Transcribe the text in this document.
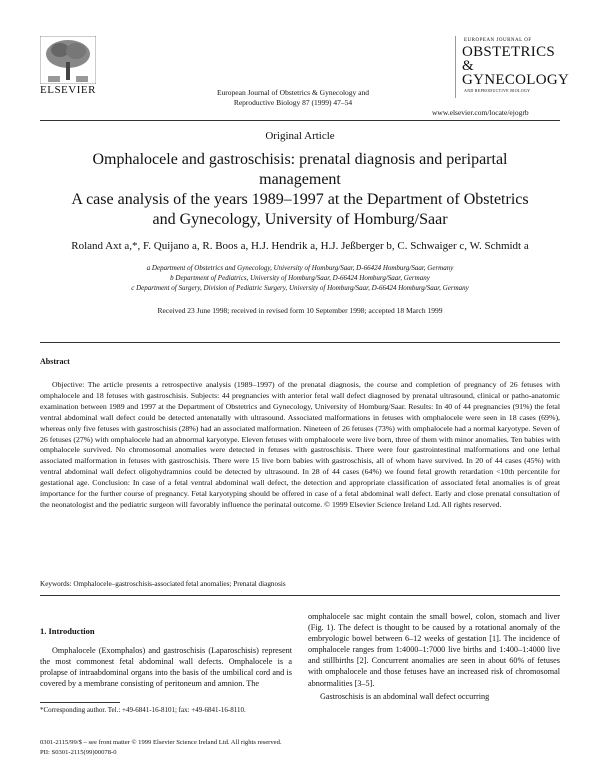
ELSEVIER	European Journal of Obstetrics & Gynecology and
Reproductive Biology 87 (1999) 47–54
EUROPEAN JOURNAL OF
OBSTETRICS &
GYNECOLOGY
AND REPRODUCTIVE BIOLOGY
www.elsevier.com/locate/ejogrb
Original Article
Omphalocele and gastroschisis: prenatal diagnosis and peripartal
management
A case analysis of the years 1989–1997 at the Department of Obstetrics
and Gynecology, University of Homburg/Saar
Roland Axt a,*, F. Quijano a, R. Boos a, H.J. Hendrik a, H.J. Jeßberger b, C. Schwaiger c, W. Schmidt a
a Department of Obstetrics and Gynecology, University of Homburg/Saar, D-66424 Homburg/Saar, Germany
b Department of Pediatrics, University of Homburg/Saar, D-66424 Homburg/Saar, Germany
c Department of Surgery, Division of Pediatric Surgery, University of Homburg/Saar, D-66424 Homburg/Saar, Germany
Received 23 June 1998; received in revised form 10 September 1998; accepted 18 March 1999
Abstract
Objective: The article presents a retrospective analysis (1989–1997) of the prenatal diagnosis, the course and completion of pregnancy of 26 fetuses with omphalocele and 18 fetuses with gastroschisis. Subjects: 44 pregnancies with anterior fetal wall defect diagnosed by prenatal ultrasound, clinical or patho-anatomic examination between 1989 and 1997 at the Department of Obstetrics and Gynecology, University of Homburg/Saar. Results: In 40 of 44 pregnancies (91%) the fetal ventral abdominal wall defect could be detected antenatally with ultrasound. Associated malformations in fetuses with omphalocele were seen in 18 cases (69%), whereas only five fetuses with gastroschisis (28%) had an associated malformation. Nineteen of 26 fetuses (73%) with omphalocele had a normal karyotype. Seven of 26 fetuses (27%) with omphalocele had an abnormal karyotype. Eleven fetuses with omphalocele were live born, three of them with minor anomalies. Ten babies with omphalocele survived. No chromosomal anomalies were detected in fetuses with gastroschisis. There were four gastrointestinal malformations and one lethal associated malformation in fetuses with gastroschisis. There were 15 live born babies with gastroschisis, all of whom have survived. In 20 of 44 cases (45%) with ventral abdominal wall defect oligohydramnios could be detected by ultrasound. In 28 of 44 cases (64%) we found fetal growth retardation <10th percentile for gestational age. Conclusion: In case of a fetal ventral abdominal wall defect, the detection and appropriate classification of associated fetal anomalies is of great importance for the further course of pregnancy. Fetal karyotyping should be offered in case of a fetal abdominal wall defect. Early and close prenatal consultation of the neonatologist and the pediatric surgeon will favorably influence the perinatal outcome. © 1999 Elsevier Science Ireland Ltd. All rights reserved.
Keywords: Omphalocele–gastroschisis-associated fetal anomalies; Prenatal diagnosis
1. Introduction
Omphalocele (Exomphalos) and gastroschisis (Laparoschisis) represent the most commonest fetal abdominal wall defects. Omphalocele is a prolapse of intraabdominal organs into the basis of the umbilical cord and is covered by a membrane consisting of peritoneum and amnion. The
omphalocele sac might contain the small bowel, colon, stomach and liver (Fig. 1). The defect is thought to be caused by a rotational anomaly of the embryologic bowel between 6–12 weeks of gestation [1]. The incidence of omphalocele ranges from 1:4000–1:7000 live births and 1:400–1:4000 live and stillbirths [2]. Concurrent anomalies are seen in about 60% of fetuses with omphalocele and those fetuses have an increased risk of chromosomal abnormalities [3–5].
Gastroschisis is an abdominal wall defect occurring
*Corresponding author. Tel.: +49-6841-16-8101; fax: +49-6841-16-8110.
0301-2115/99/$ – see front matter © 1999 Elsevier Science Ireland Ltd. All rights reserved.
PII: S0301-2115(99)00078-0
